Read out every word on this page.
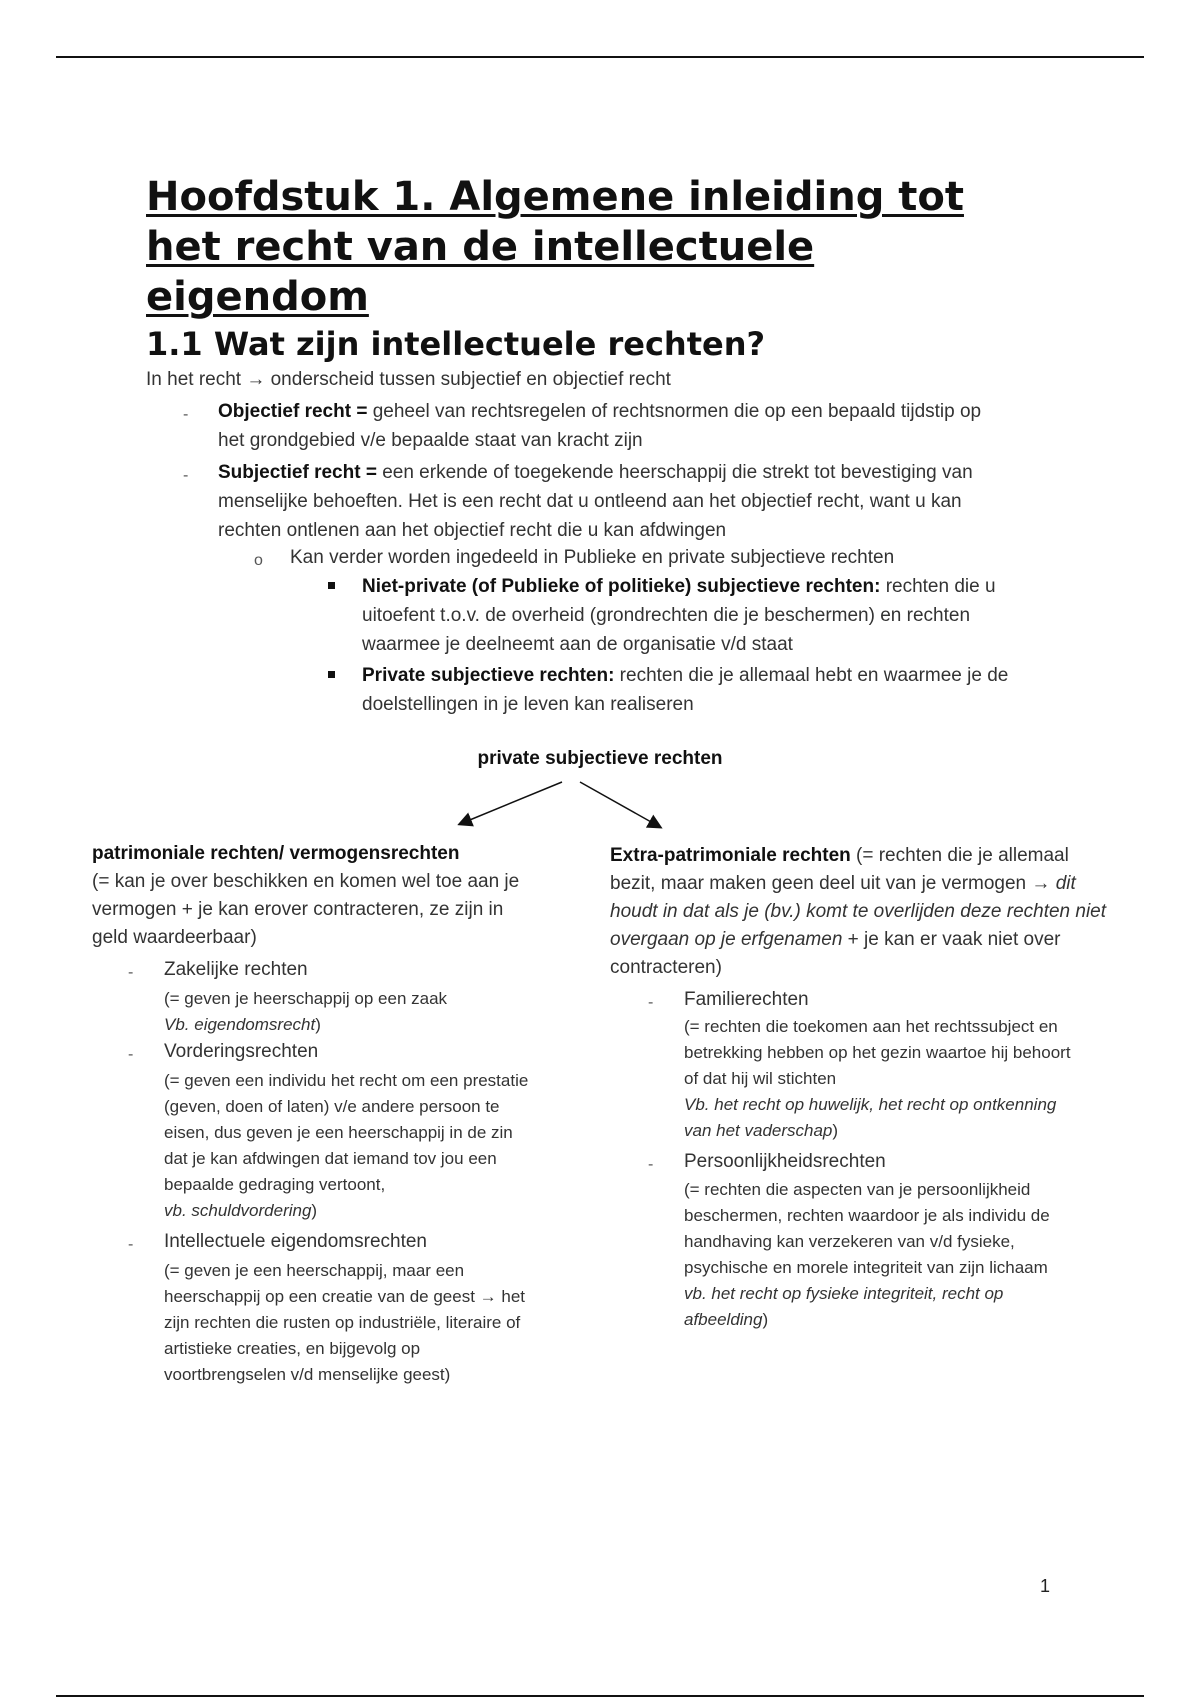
Hoofdstuk 1. Algemene inleiding tot het recht van de intellectuele eigendom
1.1 Wat zijn intellectuele rechten?
In het recht → onderscheid tussen subjectief en objectief recht
- Objectief recht = geheel van rechtsregelen of rechtsnormen die op een bepaald tijdstip op
het grondgebied v/e bepaalde staat van kracht zijn
- Subjectief recht = een erkende of toegekende heerschappij die strekt tot bevestiging van
menselijke behoeften. Het is een recht dat u ontleend aan het objectief recht, want u kan
rechten ontlenen aan het objectief recht die u kan afdwingen
o Kan verder worden ingedeeld in Publieke en private subjectieve rechten
Niet-private (of Publieke of politieke) subjectieve rechten: rechten die u
uitoefent t.o.v. de overheid (grondrechten die je beschermen) en rechten
waarmee je deelneemt aan de organisatie v/d staat
Private subjectieve rechten: rechten die je allemaal hebt en waarmee je de
doelstellingen in je leven kan realiseren
private subjectieve rechten
patrimoniale rechten/ vermogensrechten
(= kan je over beschikken en komen wel toe aan je
vermogen + je kan erover contracteren, ze zijn in
geld waardeerbaar)
- Zakelijke rechten
(= geven je heerschappij op een zaak
Vb. eigendomsrecht)
- Vorderingsrechten
(= geven een individu het recht om een prestatie
(geven, doen of laten) v/e andere persoon te
eisen, dus geven je een heerschappij in de zin
dat je kan afdwingen dat iemand tov jou een
bepaalde gedraging vertoont,
vb. schuldvordering)
- Intellectuele eigendomsrechten
(= geven je een heerschappij, maar een
heerschappij op een creatie van de geest → het
zijn rechten die rusten op industriële, literaire of
artistieke creaties, en bijgevolg op
voortbrengselen v/d menselijke geest)
Extra-patrimoniale rechten (= rechten die je allemaal
bezit, maar maken geen deel uit van je vermogen → dit
houdt in dat als je (bv.) komt te overlijden deze rechten niet
overgaan op je erfgenamen + je kan er vaak niet over
contracteren)
- Familierechten
(= rechten die toekomen aan het rechtssubject en
betrekking hebben op het gezin waartoe hij behoort
of dat hij wil stichten
Vb. het recht op huwelijk, het recht op ontkenning
van het vaderschap)
- Persoonlijkheidsrechten
(= rechten die aspecten van je persoonlijkheid
beschermen, rechten waardoor je als individu de
handhaving kan verzekeren van v/d fysieke,
psychische en morele integriteit van zijn lichaam
vb. het recht op fysieke integriteit, recht op
afbeelding)
1
